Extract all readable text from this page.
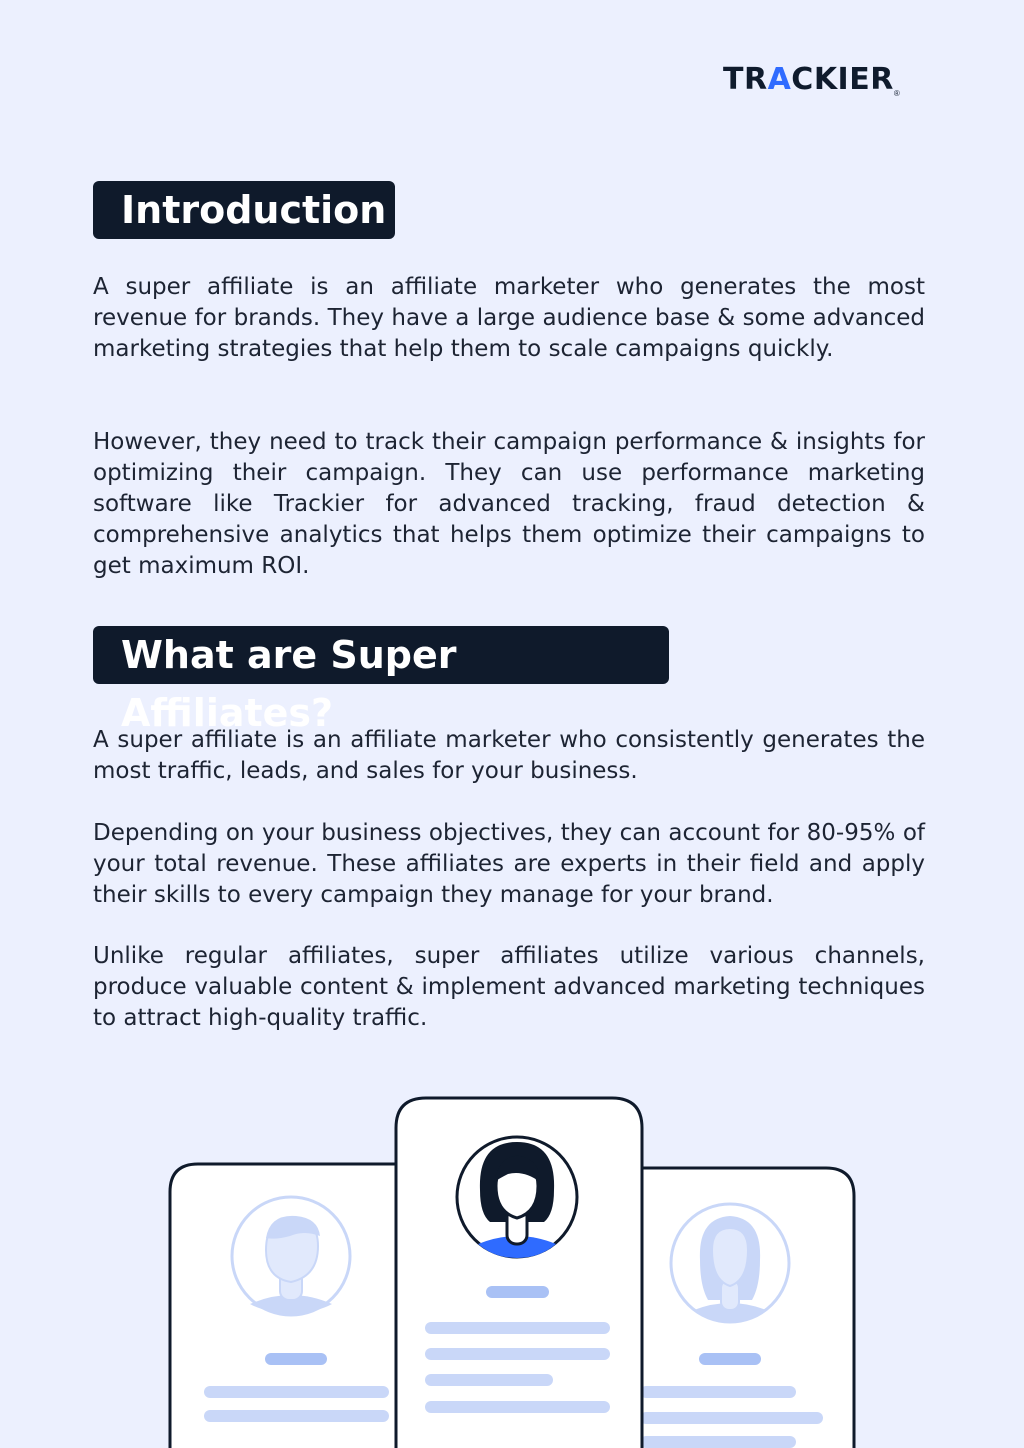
TRACKIER®
Introduction

A super affiliate is an affiliate marketer who generates the most revenue for brands. They have a large audience base & some advanced marketing strategies that help them to scale campaigns quickly.

However, they need to track their campaign performance & insights for optimizing their campaign. They can use performance marketing software like Trackier for advanced tracking, fraud detection & comprehensive analytics that helps them optimize their campaigns to get maximum ROI.

What are Super Affiliates?

A super affiliate is an affiliate marketer who consistently generates the most traffic, leads, and sales for your business.

Depending on your business objectives, they can account for 80-95% of your total revenue. These affiliates are experts in their field and apply their skills to every campaign they manage for your brand.

Unlike regular affiliates, super affiliates utilize various channels, produce valuable content & implement advanced marketing techniques to attract high-quality traffic.
